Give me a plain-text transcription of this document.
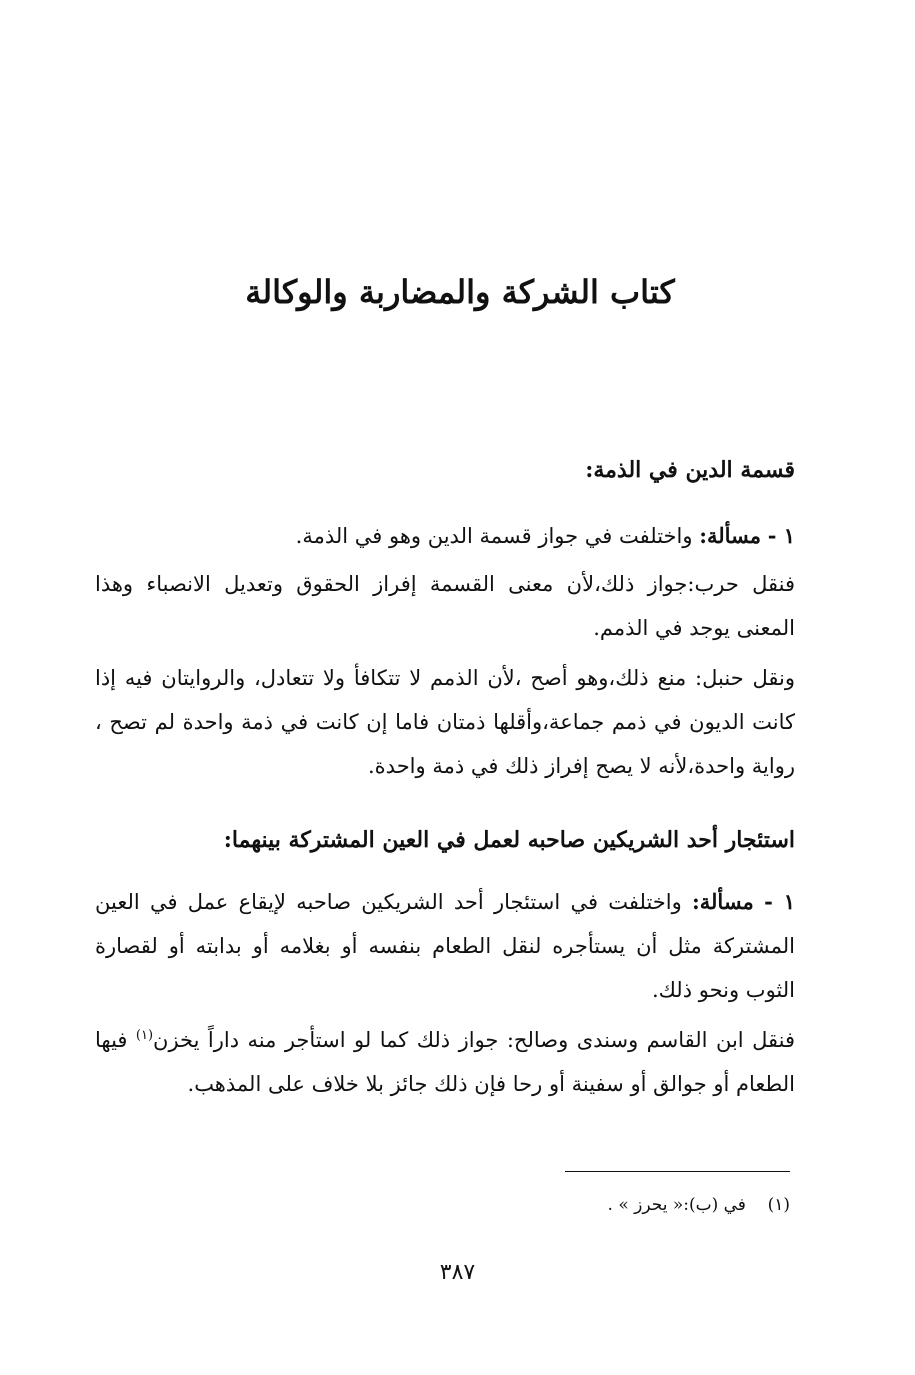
كتاب الشركة والمضاربة والوكالة
قسمة الدين في الذمة:
١ - مسألة: واختلفت في جواز قسمة الدين وهو في الذمة.
فنقل حرب:جواز ذلك،لأن معنى القسمة إفراز الحقوق وتعديل الانصباء وهذا المعنى يوجد في الذمم.
ونقل حنبل: منع ذلك،وهو أصح ،لأن الذمم لا تتكافأ ولا تتعادل، والروايتان فيه إذا كانت الديون في ذمم جماعة،وأقلها ذمتان فاما إن كانت في ذمة واحدة لم تصح ، رواية واحدة،لأنه لا يصح إفراز ذلك في ذمة واحدة.
استئجار أحد الشريكين صاحبه لعمل في العين المشتركة بينهما:
١ - مسألة: واختلفت في استئجار أحد الشريكين صاحبه لإيقاع عمل في العين المشتركة مثل أن يستأجره لنقل الطعام بنفسه أو بغلامه أو بدابته أو لقصارة الثوب ونحو ذلك.
فنقل ابن القاسم وسندى وصالح: جواز ذلك كما لو استأجر منه داراً يخزن$^{(١)}$ فيها الطعام أو جوالق أو سفينة أو رحا فإن ذلك جائز بلا خلاف على المذهب.
(١)    في (ب):« يحرز » .
٣٨٧
